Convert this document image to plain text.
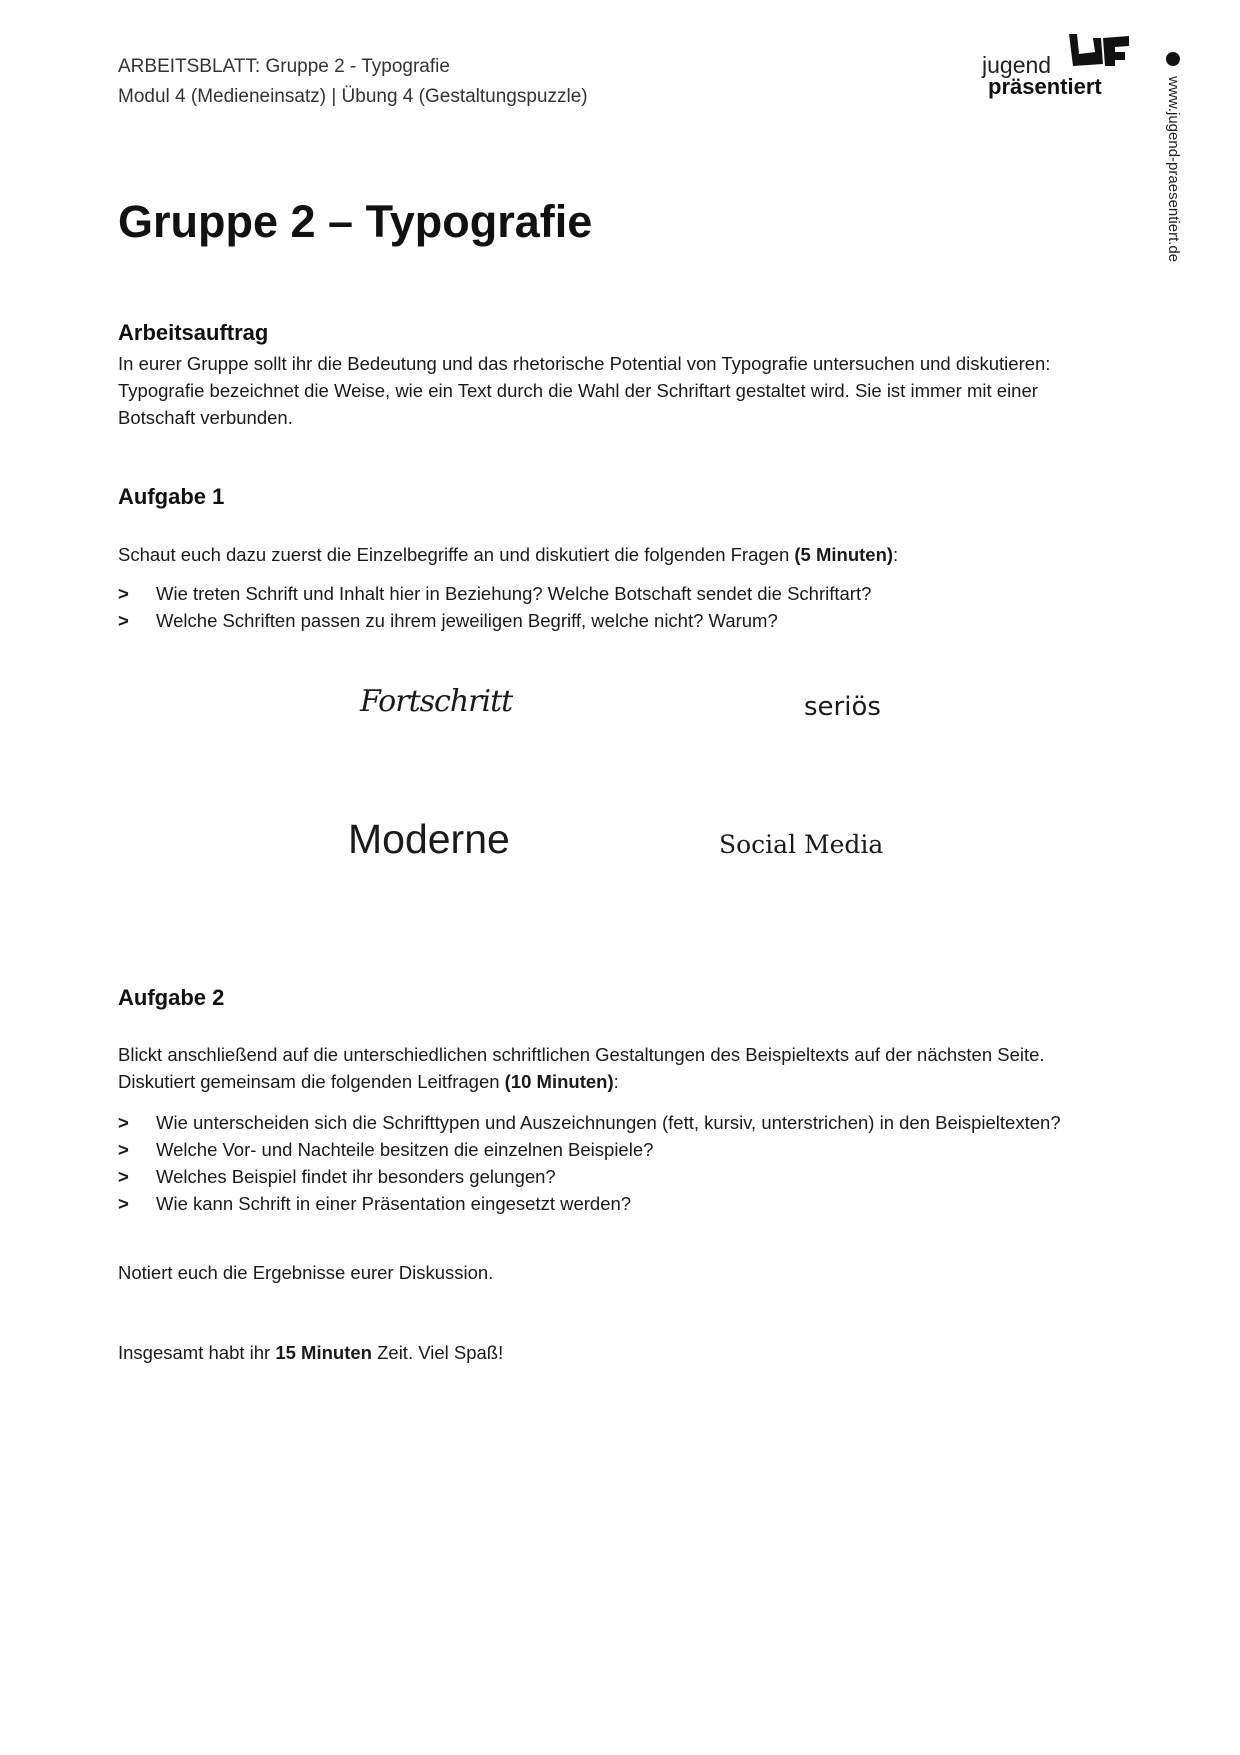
ARBEITSBLATT: Gruppe 2 - Typografie
Modul 4 (Medieneinsatz) | Übung 4 (Gestaltungspuzzle)
jugend
präsentiert	www.jugend-praesentiert.de
Gruppe 2 – Typografie
Arbeitsauftrag

In eurer Gruppe sollt ihr die Bedeutung und das rhetorische Potential von Typografie untersuchen und diskutieren: Typografie bezeichnet die Weise, wie ein Text durch die Wahl der Schriftart gestaltet wird. Sie ist immer mit einer Botschaft verbunden.

Aufgabe 1

Schaut euch dazu zuerst die Einzelbegriffe an und diskutiert die folgenden Fragen (5 Minuten):

> Wie treten Schrift und Inhalt hier in Beziehung? Welche Botschaft sendet die Schriftart?
> Welche Schriften passen zu ihrem jeweiligen Begriff, welche nicht? Warum?
Fortschritt	seriös
Moderne	Social Media
Aufgabe 2

Blickt anschließend auf die unterschiedlichen schriftlichen Gestaltungen des Beispieltexts auf der nächsten Seite. Diskutiert gemeinsam die folgenden Leitfragen (10 Minuten):

> Wie unterscheiden sich die Schrifttypen und Auszeichnungen (fett, kursiv, unterstrichen) in den Beispieltexten?
> Welche Vor- und Nachteile besitzen die einzelnen Beispiele?
> Welches Beispiel findet ihr besonders gelungen?
> Wie kann Schrift in einer Präsentation eingesetzt werden?

Notiert euch die Ergebnisse eurer Diskussion.

Insgesamt habt ihr 15 Minuten Zeit. Viel Spaß!
